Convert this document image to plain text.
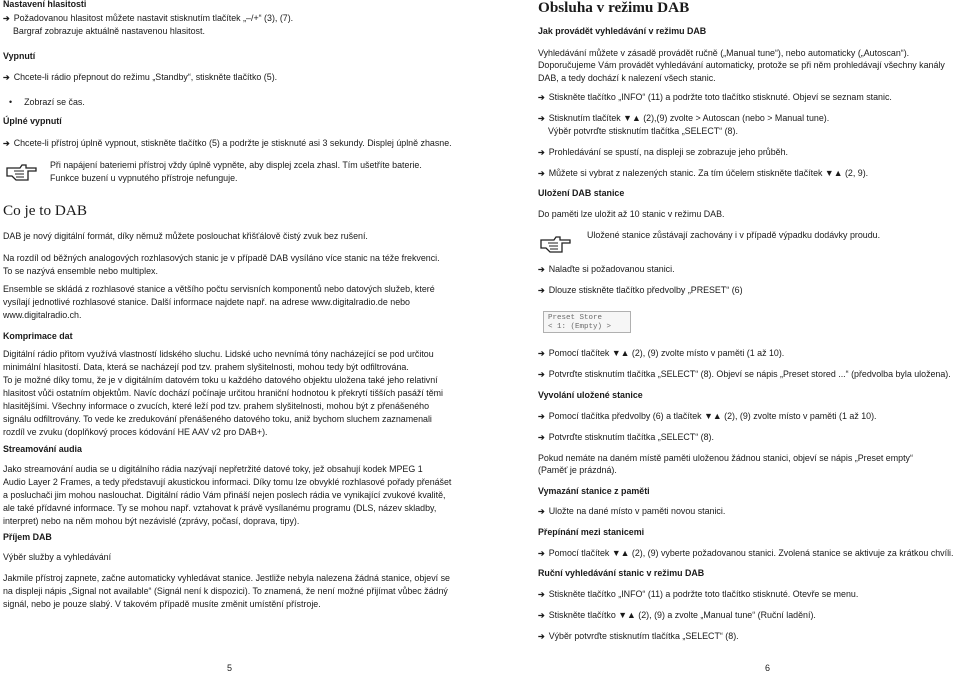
Nastavení hlasitosti

➔ Požadovanou hlasitost můžete nastavit stisknutím tlačítek „–/+“ (3), (7).

Bargraf zobrazuje aktuálně nastavenou hlasitost.

Vypnutí

➔ Chcete-li rádio přepnout do režimu „Standby“, stiskněte tlačítko (5).

• Zobrazí se čas.

Úplné vypnutí

➔ Chcete-li přístroj úplně vypnout, stiskněte tlačítko (5) a podržte je stisknuté asi 3 sekundy. Displej úplně zhasne.

Při napájení bateriemi přístroj vždy úplně vypněte, aby displej zcela zhasl. Tím ušetříte baterie.

Funkce buzení u vypnutého přístroje nefunguje.

Co je to DAB

DAB je nový digitální formát, díky němuž můžete poslouchat křišťálově čistý zvuk bez rušení.

Na rozdíl od běžných analogových rozhlasových stanic je v případě DAB vysíláno více stanic na téže frekvenci.

To se nazývá ensemble nebo multiplex.

Ensemble se skládá z rozhlasové stanice a většího počtu servisních komponentů nebo datových služeb, které

vysílají jednotlivé rozhlasové stanice. Další informace najdete např. na adrese www.digitalradio.de nebo

www.digitalradio.ch.

Komprimace dat

Digitální rádio přitom využívá vlastností lidského sluchu. Lidské ucho nevnímá tóny nacházející se pod určitou

minimální hlasitostí. Data, která se nacházejí pod tzv. prahem slyšitelnosti, mohou tedy být odfiltrována.

To je možné díky tomu, že je v digitálním datovém toku u každého datového objektu uložena také jeho relativní

hlasitost vůči ostatním objektům. Navíc dochází počínaje určitou hraniční hodnotou k překrytí tišších pasáží těmi

hlasitějšími. Všechny informace o zvucích, které leží pod tzv. prahem slyšitelnosti, mohou být z přenášeného

signálu odfiltrovány. To vede ke zredukování přenášeného datového toku, aniž bychom sluchem zaznamenali

rozdíl ve zvuku (doplňkový proces kódování HE AAV v2 pro DAB+).

Streamování audia

Jako streamování audia se u digitálního rádia nazývají nepřetržité datové toky, jež obsahují kodek MPEG 1

Audio Layer 2 Frames, a tedy představují akustickou informaci. Díky tomu lze obvyklé rozhlasové pořady přenášet

a posluchači jim mohou naslouchat. Digitální rádio Vám přináší nejen poslech rádia ve vynikající zvukové kvalitě,

ale také přídavné informace. Ty se mohou např. vztahovat k právě vysílanému programu (DLS, název skladby,

interpret) nebo na něm mohou být nezávislé (zprávy, počasí, doprava, tipy).

Příjem DAB

Výběr služby a vyhledávání

Jakmile přístroj zapnete, začne automaticky vyhledávat stanice. Jestliže nebyla nalezena žádná stanice, objeví se

na displeji nápis „Signal not available“ (Signál není k dispozici). To znamená, že není možné přijímat vůbec žádný

signál, nebo je pouze slabý. V takovém případě musíte změnit umístění přístroje.

5

Obsluha v režimu DAB

Jak provádět vyhledávání v režimu DAB

Vyhledávání můžete v zásadě provádět ručně („Manual tune“), nebo automaticky („Autoscan“).

Doporučujeme Vám provádět vyhledávání automaticky, protože se při něm prohledávají všechny kanály

DAB, a tedy dochází k nalezení všech stanic.

➔ Stiskněte tlačítko „INFO“ (11) a podržte toto tlačítko stisknuté. Objeví se seznam stanic.

➔ Stisknutím tlačítek ▼▲ (2),(9) zvolte > Autoscan (nebo > Manual tune).

Výběr potvrďte stisknutím tlačítka „SELECT“ (8).

➔ Prohledávání se spustí, na displeji se zobrazuje jeho průběh.

➔ Můžete si vybrat z nalezených stanic. Za tím účelem stiskněte tlačítek ▼▲ (2, 9).

Uložení DAB stanice

Do paměti lze uložit až 10 stanic v režimu DAB.

Uložené stanice zůstávají zachovány i v případě výpadku dodávky proudu.

➔ Nalaďte si požadovanou stanici.

➔ Dlouze stiskněte tlačítko předvolby „PRESET“ (6)

Preset Store
< 1: (Empty) >

➔ Pomocí tlačítek ▼▲ (2), (9) zvolte místo v paměti (1 až 10).

➔ Potvrďte stisknutím tlačítka „SELECT“ (8). Objeví se nápis „Preset stored ...“ (předvolba byla uložena).

Vyvolání uložené stanice

➔ Pomocí tlačítka předvolby (6) a tlačítek ▼▲ (2), (9) zvolte místo v paměti (1 až 10).

➔ Potvrďte stisknutím tlačítka „SELECT“ (8).

Pokud nemáte na daném místě paměti uloženou žádnou stanici, objeví se nápis „Preset empty“

(Paměť je prázdná).

Vymazání stanice z paměti

➔ Uložte na dané místo v paměti novou stanici.

Přepínání mezi stanicemi

➔ Pomocí tlačítek ▼▲ (2), (9) vyberte požadovanou stanici. Zvolená stanice se aktivuje za krátkou chvíli.

Ruční vyhledávání stanic v režimu DAB

➔ Stiskněte tlačítko „INFO“ (11) a podržte toto tlačítko stisknuté. Otevře se menu.

➔ Stiskněte tlačítko ▼▲ (2), (9) a zvolte „Manual tune“ (Ruční ladění).

➔ Výběr potvrďte stisknutím tlačítka „SELECT“ (8).

6
